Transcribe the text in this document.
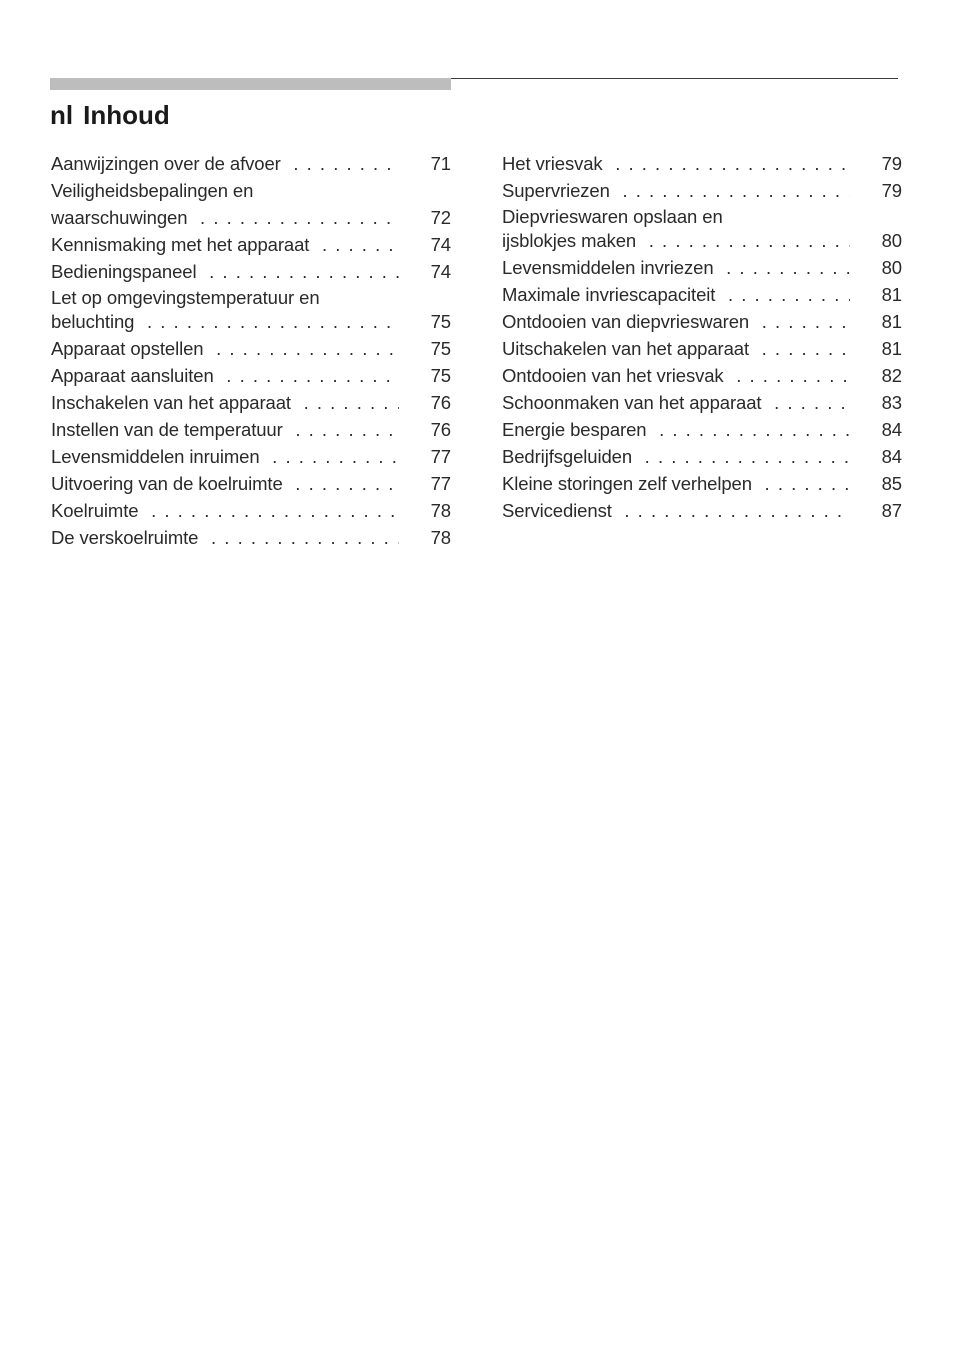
nl Inhoud
Aanwijzingen over de afvoer . . .	71
Veiligheidsbepalingen en
waarschuwingen . . .	72
Kennismaking met het apparaat . . .	74
Bedieningspaneel . . .	74
Let op omgevingstemperatuur en
beluchting . . .	75
Apparaat opstellen . . .	75
Apparaat aansluiten . . .	75
Inschakelen van het apparaat . . .	76
Instellen van de temperatuur . . .	76
Levensmiddelen inruimen . . .	77
Uitvoering van de koelruimte . . .	77
Koelruimte . . .	78
De verskoelruimte . . .	78
Het vriesvak . . .	79
Supervriezen . . .	79
Diepvrieswaren opslaan en
ijsblokjes maken . . .	80
Levensmiddelen invriezen . . .	80
Maximale invriescapaciteit . . .	81
Ontdooien van diepvrieswaren . . .	81
Uitschakelen van het apparaat . . .	81
Ontdooien van het vriesvak . . .	82
Schoonmaken van het apparaat . . .	83
Energie besparen . . .	84
Bedrijfsgeluiden . . .	84
Kleine storingen zelf verhelpen . . .	85
Servicedienst . . .	87
